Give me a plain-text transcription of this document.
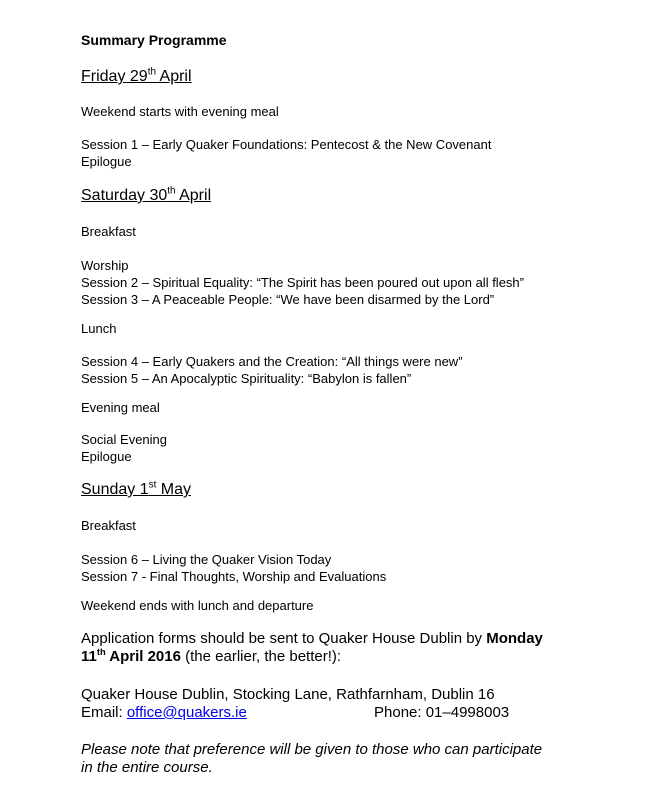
Summary Programme
Friday 29th April

Weekend starts with evening meal

Session 1 – Early Quaker Foundations: Pentecost & the New Covenant
Epilogue
Saturday 30th April

Breakfast

Worship
Session 2 – Spiritual Equality: “The Spirit has been poured out upon all flesh”
Session 3 – A Peaceable People: “We have been disarmed by the Lord”

Lunch

Session 4 – Early Quakers and the Creation: “All things were new”
Session 5 – An Apocalyptic Spirituality: “Babylon is fallen”

Evening meal

Social Evening
Epilogue
Sunday 1st May

Breakfast

Session 6 – Living the Quaker Vision Today
Session 7 - Final Thoughts, Worship and Evaluations

Weekend ends with lunch and departure

Application forms should be sent to Quaker House Dublin by Monday
11th April 2016 (the earlier, the better!):
Quaker House Dublin, Stocking Lane, Rathfarnham, Dublin 16
Email: office@quakers.ie	Phone: 01–4998003
Please note that preference will be given to those who can participate
in the entire course.
